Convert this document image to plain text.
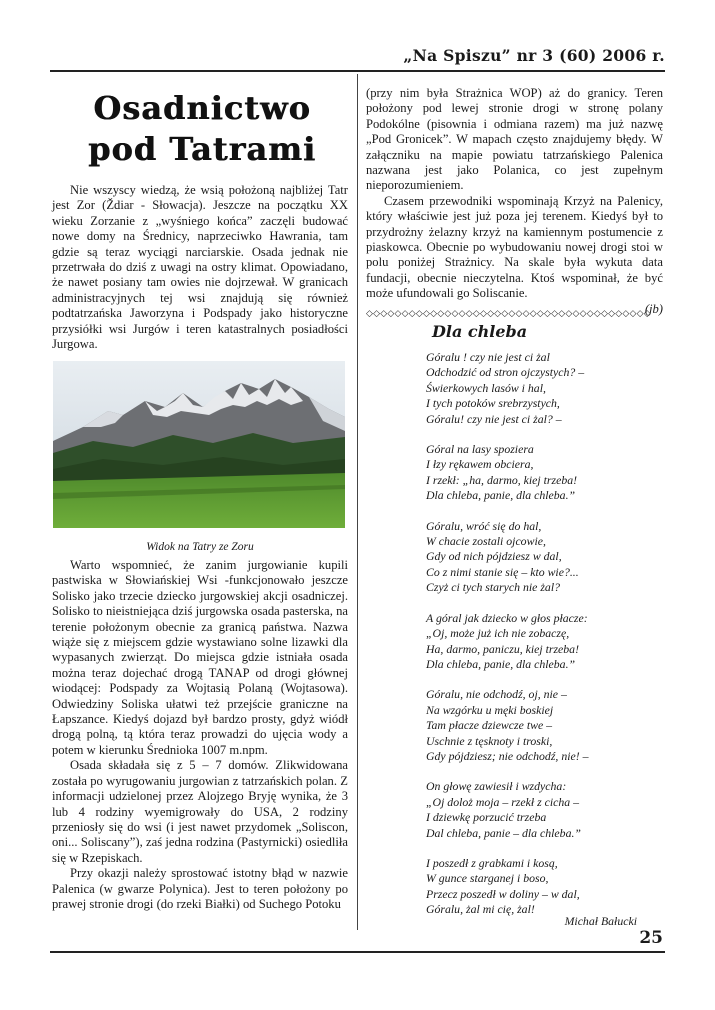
„Na Spiszu” nr 3 (60) 2006 r.
Osadnictwo
pod Tatrami

Nie wszyscy wiedzą, że wsią położoną najbliżej Tatr jest Zor (Ždiar - Słowacja). Jeszcze na początku XX wieku Zorzanie z „wyśniego końca” zaczęli budować nowe domy na Średnicy, naprzeciwko Hawrania, tam gdzie są teraz wyciągi narciarskie. Osada jednak nie przetrwała do dziś z uwagi na ostry klimat. Opowiadano, że nawet posiany tam owies nie dojrzewał. W granicach administracyjnych tej wsi znajdują się również podtatrzańska Jaworzyna i Podspady jako historyczne przysiółki wsi Jurgów i teren katastralnych posiadłości Jurgowa.

Widok na Tatry ze Zoru

Warto wspomnieć, że zanim jurgowianie kupili pastwiska w Słowiańskiej Wsi -funkcjonowało jeszcze Solisko jako trzecie dziecko jurgowskiej akcji osadniczej. Solisko to nieistniejąca dziś jurgowska osada pasterska, na terenie położonym obecnie za granicą państwa. Nazwa wiąże się z miejscem gdzie wystawiano solne lizawki dla wypasanych zwierząt. Do miejsca gdzie istniała osada można teraz dojechać drogą TANAP od drogi głównej wiodącej: Podspady za Wojtasią Polaną (Wojtasowa). Odwiedziny Soliska ułatwi też przejście graniczne na Łapszance. Kiedyś dojazd był bardzo prosty, gdyż wiódł drogą polną, tą która teraz prowadzi do ujęcia wody a potem w kierunku Średnioka 1007 m.npm.

Osada składała się z 5 – 7 domów. Zlikwidowana została po wyrugowaniu jurgowian z tatrzańskich polan. Z informacji udzielonej przez Alojzego Bryję wynika, że 3 lub 4 rodziny wyemigrowały do USA, 2 rodziny przeniosły się do wsi (i jest nawet przydomek „Soliscon, oni... Soliscany”), zaś jedna rodzina (Pastyrnicki) osiedliła się w Rzepiskach.

Przy okazji należy sprostować istotny błąd w nazwie Palenica (w gwarze Polynica). Jest to teren położony po prawej stronie drogi (do rzeki Białki) od Suchego Potoku

(przy nim była Strażnica WOP) aż do granicy. Teren położony pod lewej stronie drogi w stronę polany Podokólne (pisownia i odmiana razem) ma już nazwę „Pod Gronicek”. W mapach często znajdujemy błędy. W załączniku na mapie powiatu tatrzańskiego Palenica nazwana jest jako Polanica, co jest zupełnym nieporozumieniem.

Czasem przewodniki wspominają Krzyż na Palenicy, który właściwie jest już poza jej terenem. Kiedyś był to przydrożny żelazny krzyż na kamiennym postumencie z piaskowca. Obecnie po wybudowaniu nowej drogi stoi w polu poniżej Strażnicy. Na skale była wykuta data fundacji, obecnie nieczytelna. Ktoś wspominał, że być może ufundowali go Soliscanie.

(jb)
◇◇◇◇◇◇◇◇◇◇◇◇◇◇◇◇◇◇◇◇◇◇◇◇◇◇◇◇◇◇◇◇◇◇◇◇◇◇◇◇
Dla chleba
Góralu ! czy nie jest ci żal
Odchodzić od stron ojczystych? –
Świerkowych lasów i hal,
I tych potoków srebrzystych,
Góralu! czy nie jest ci żal? –
Góral na lasy spoziera
I łzy rękawem obciera,
I rzekł: „ha, darmo, kiej trzeba!
Dla chleba, panie, dla chleba.”
Góralu, wróć się do hal,
W chacie zostali ojcowie,
Gdy od nich pójdziesz w dal,
Co z nimi stanie się – kto wie?...
Czyż ci tych starych nie żal?
A góral jak dziecko w głos płacze:
„Oj, może już ich nie zobaczę,
Ha, darmo, paniczu, kiej trzeba!
Dla chleba, panie, dla chleba.”
Góralu, nie odchodź, oj, nie –
Na wzgórku u męki boskiej
Tam płacze dziewcze twe –
Uschnie z tęsknoty i troski,
Gdy pójdziesz; nie odchodź, nie! –
On głowę zawiesił i wzdycha:
„Oj doloż moja – rzekł z cicha –
I dziewkę porzucić trzeba
Dal chleba, panie – dla chleba.”
I poszedł z grabkami i kosą,
W gunce starganej i boso,
Przecz poszedł w doliny – w dal,
Góralu, żal mi cię, żal!
Michał Bałucki
25
